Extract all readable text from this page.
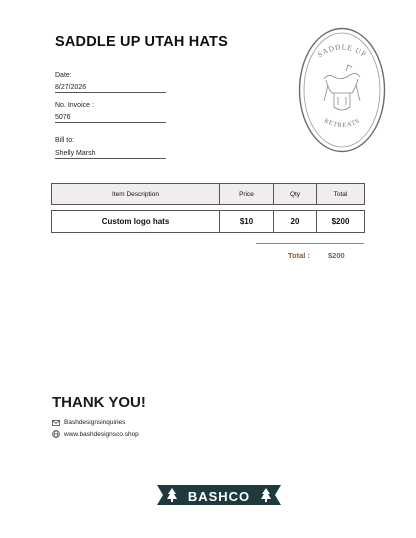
SADDLE UP UTAH HATS
Date:
8/27/2026
No. Invoice :
5076
Bill to:
Shelly Marsh
SADDLE UP
RETREATS
Item Description	Price	Qty	Total
Custom logo hats	$10	20	$200
Total : $200
THANK YOU!
Bashdesignsinquiries
www.bashdesignsco.shop
BASHCO
